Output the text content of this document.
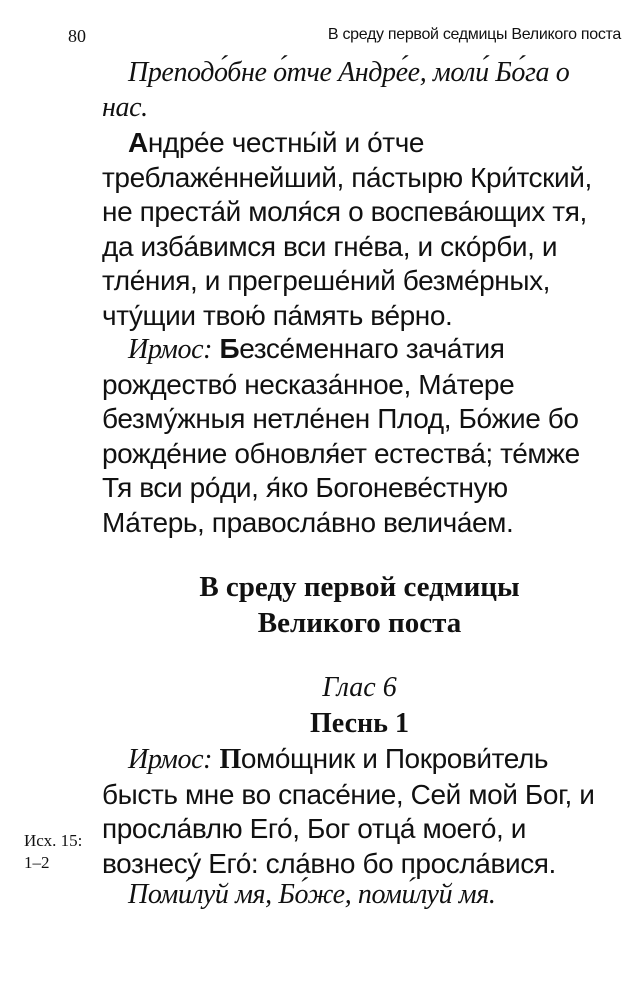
80	В среду первой седмицы Великого поста

Преподо́бне о́тче Андре́е, моли́ Бо́га о нас.

Андре́е честны́й и о́тче треблаже́ннейший, па́стырю Кри́тский, не преста́й моля́ся о воспева́ющих тя, да избáвимся вси гне́ва, и ско́рби, и тле́ния, и прегреше́ний безме́рных, чту́щии твою́ па́мять ве́рно.

Ирмос: Безсе́меннаго зача́тия рождество́ несказа́нное, Ма́тере безму́жныя нетле́нен Плод, Бо́жие бо рожде́ние обновля́ет естества́; те́мже Тя вси ро́ди, я́ко Богоневе́стную Ма́терь, правосла́вно велича́ем.

В среду первой седмицы
Великого поста
Глас 6
Песнь 1

Ирмос: Помо́щник и Покрови́тель бысть мне во спасе́ние, Сей мой Бог, и просла́влю Его́, Бог отца́ моего́, и вознесу́ Его́: сла́вно бо просла́вися.

Исх. 15:
1–2

Поми́луй мя, Бо́же, поми́луй мя.
